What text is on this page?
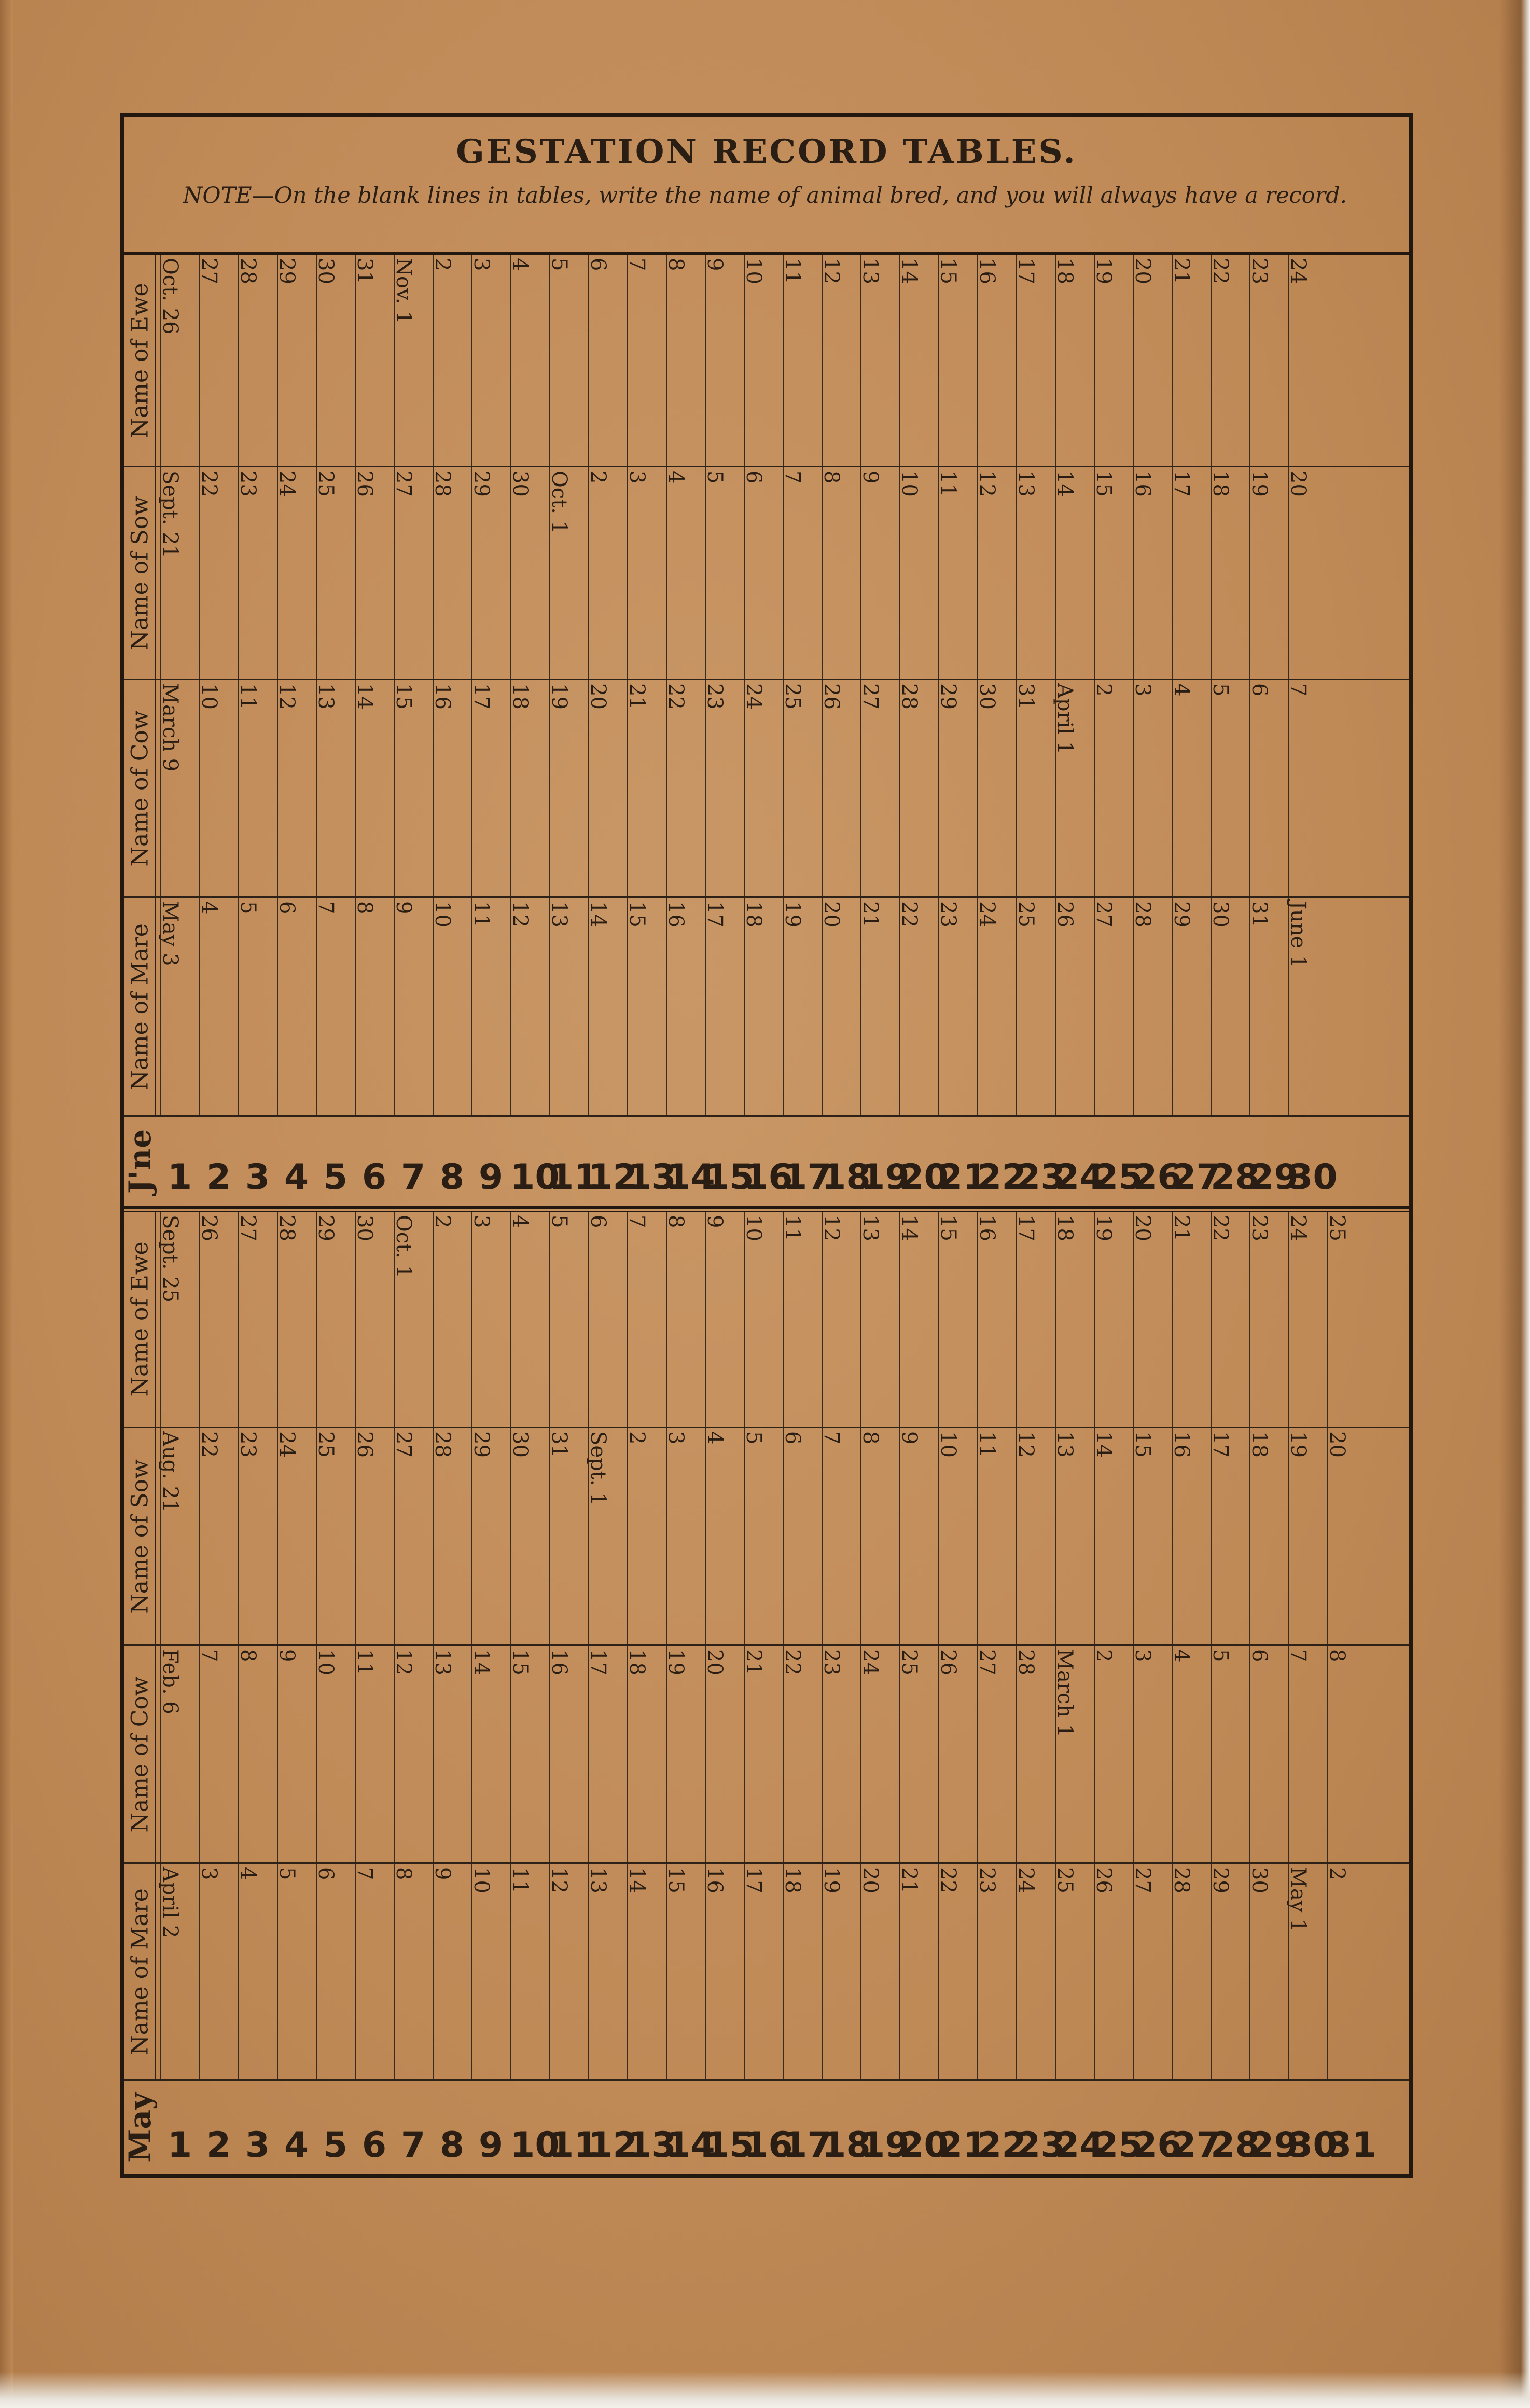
GESTATION RECORD TABLES.
NOTE—On the blank lines in tables, write the name of animal bred, and you will always have a record.
Name of Ewe Oct. 26 27 28 29 30 31 Nov. 1 2 3 4 5 6 7 8 9 10 11 12 13 14 15 16 17 18 19 20 21 22 23 24
Name of Sow Sept. 21 22 23 24 25 26 27 28 29 30 Oct. 1 2 3 4 5 6 7 8 9 10 11 12 13 14 15 16 17 18 19 20
Name of Cow March 9 10 11 12 13 14 15 16 17 18 19 20 21 22 23 24 25 26 27 28 29 30 31 April 1 2 3 4 5 6 7
Name of Mare May 3 4 5 6 7 8 9 10 11 12 13 14 15 16 17 18 19 20 21 22 23 24 25 26 27 28 29 30 31 June 1
J'ne 1 2 3 4 5 6 7 8 9 10
11
12
13
14
15
16
17
18
19
20
21
22
23
24
25
26
27
28
29
30
Name of Ewe Sept. 25 26 27 28 29 30 Oct. 1 2 3 4 5 6 7 8 9 10 11 12 13 14 15 16 17 18 19 20 21 22 23 24 25
Name of Sow Aug. 21 22 23 24 25 26 27 28 29 30 31 Sept. 1 2 3 4 5 6 7 8 9 10 11 12 13 14 15 16 17 18 19 20
Name of Cow Feb. 6 7 8 9 10 11 12 13 14 15 16 17 18 19 20 21 22 23 24 25 26 27 28 March 1 2 3 4 5 6 7 8
Name of Mare April 2 3 4 5 6 7 8 9 10 11 12 13 14 15 16 17 18 19 20 21 22 23 24 25 26 27 28 29 30 May 1 2
May 1 2 3 4 5 6 7 8 9 10
11
12
13
14
15
16
17
18
19
20
21
22
23
24
25
26
27
28
29
30
31
